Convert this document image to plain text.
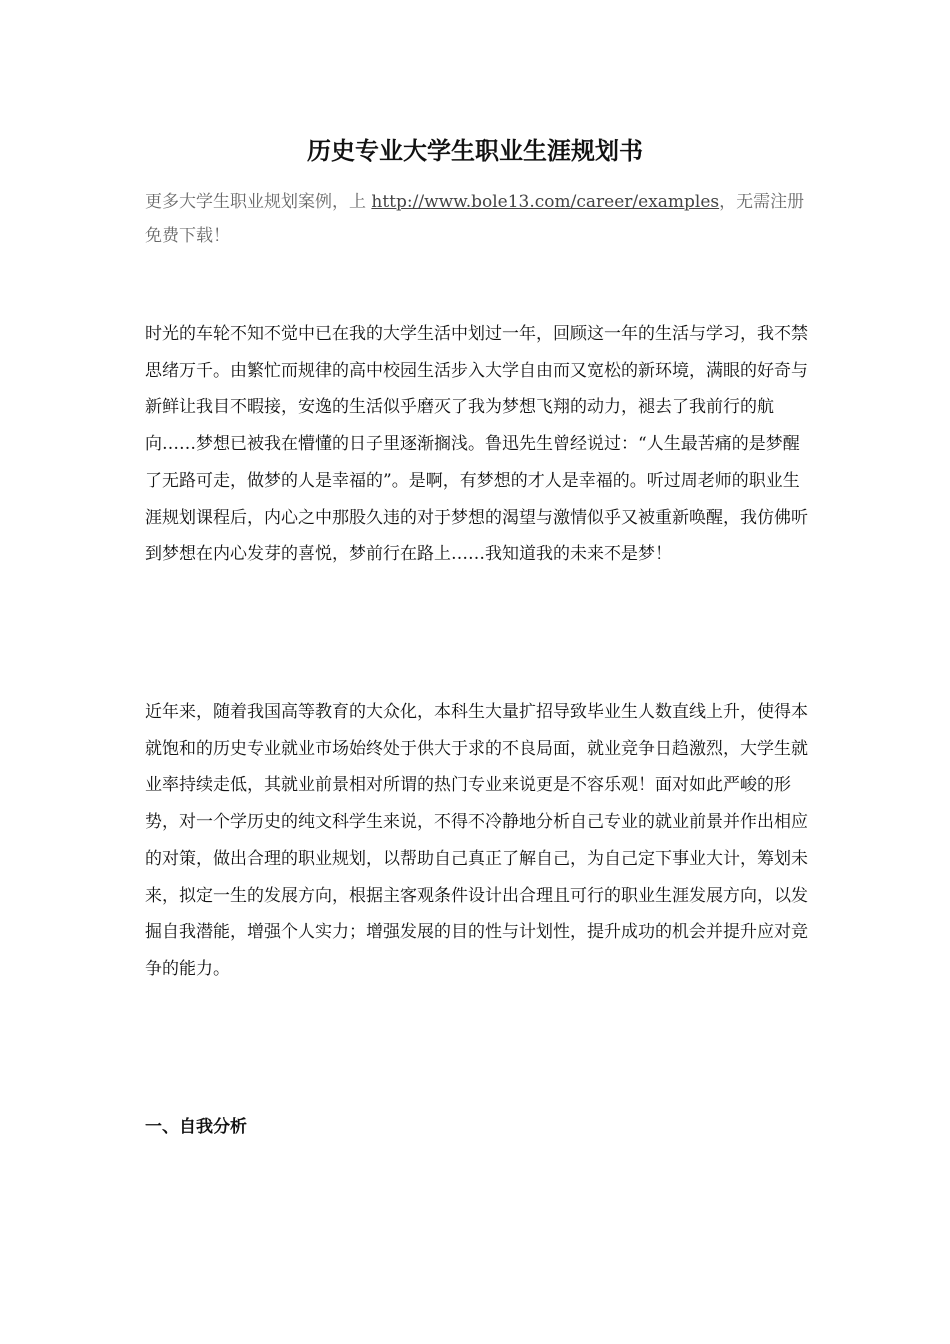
历史专业大学生职业生涯规划书
更多大学生职业规划案例，上 http://www.bole13.com/career/examples，无需注册免费下载！
时光的车轮不知不觉中已在我的大学生活中划过一年，回顾这一年的生活与学习，我不禁思绪万千。由繁忙而规律的高中校园生活步入大学自由而又宽松的新环境，满眼的好奇与新鲜让我目不暇接，安逸的生活似乎磨灭了我为梦想飞翔的动力，褪去了我前行的航向……梦想已被我在懵懂的日子里逐渐搁浅。鲁迅先生曾经说过：“人生最苦痛的是梦醒了无路可走，做梦的人是幸福的”。是啊，有梦想的才人是幸福的。听过周老师的职业生涯规划课程后，内心之中那股久违的对于梦想的渴望与激情似乎又被重新唤醒，我仿佛听到梦想在内心发芽的喜悦，梦前行在路上……我知道我的未来不是梦！
近年来，随着我国高等教育的大众化，本科生大量扩招导致毕业生人数直线上升，使得本就饱和的历史专业就业市场始终处于供大于求的不良局面，就业竞争日趋激烈，大学生就业率持续走低，其就业前景相对所谓的热门专业来说更是不容乐观！面对如此严峻的形势，对一个学历史的纯文科学生来说，不得不冷静地分析自己专业的就业前景并作出相应的对策，做出合理的职业规划，以帮助自己真正了解自己，为自己定下事业大计，筹划未来，拟定一生的发展方向，根据主客观条件设计出合理且可行的职业生涯发展方向，以发掘自我潜能，增强个人实力；增强发展的目的性与计划性，提升成功的机会并提升应对竞争的能力。
一、自我分析
